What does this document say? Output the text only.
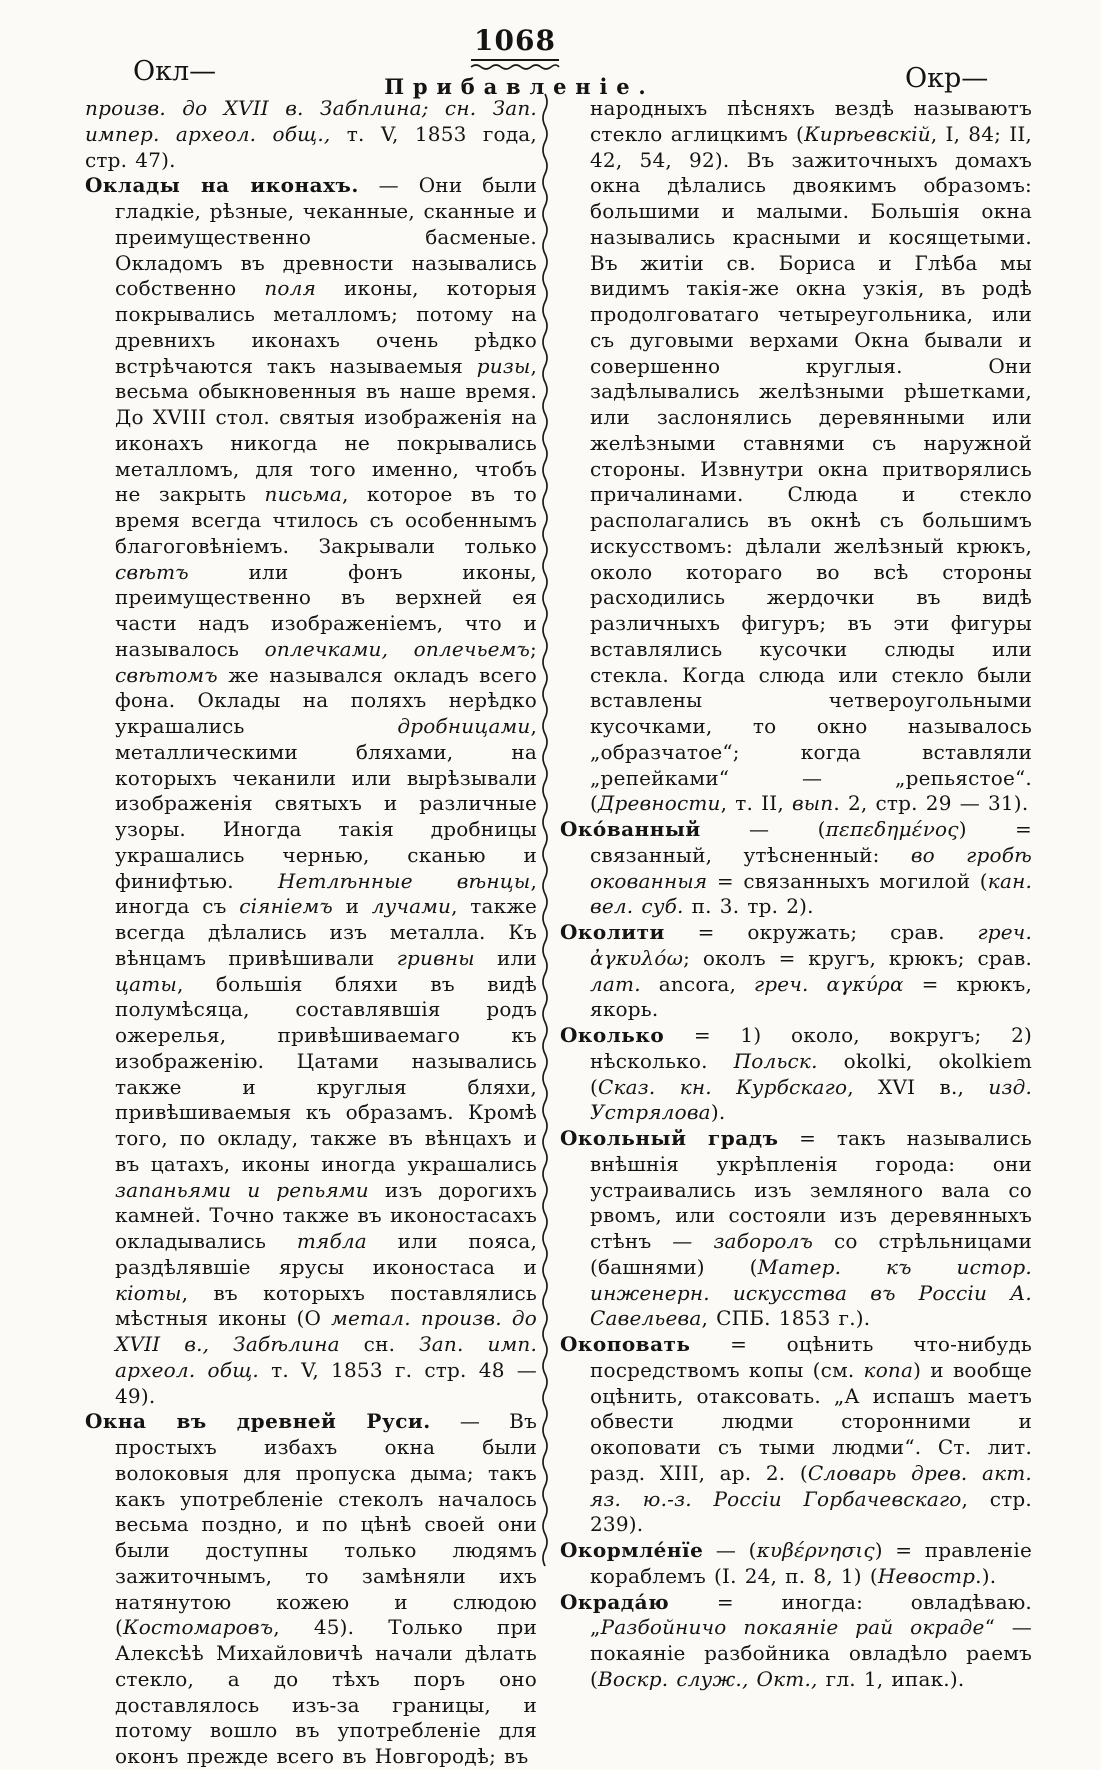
1068
Прибавленіе.
Окл—	Окр—

произв. до XVII в. Забплина; сн. Зап. импер. археол. общ., т. V, 1853 года, стр. 47).

Оклады на иконахъ. — Они были гладкіе, рѣзные, чеканные, сканные и преимущественно басменые. Окладомъ въ древности назывались собственно поля иконы, которыя покрывались металломъ; потому на древнихъ иконахъ очень рѣдко встрѣчаются такъ называемыя ризы, весьма обыкновенныя въ наше время. До XVIII стол. святыя изображенія на иконахъ никогда не покрывались металломъ, для того именно, чтобъ не закрыть письма, которое въ то время всегда чтилось съ особеннымъ благоговѣніемъ. Закрывали только свѣтъ или фонъ иконы, преимущественно въ верхней ея части надъ изображеніемъ, что и называлось оплечками, оплечьемъ; свѣтомъ же назывался окладъ всего фона. Оклады на поляхъ нерѣдко украшались дробницами, металлическими бляхами, на которыхъ чеканили или вырѣзывали изображенія святыхъ и различные узоры. Иногда такія дробницы украшались чернью, сканью и финифтью. Нетлѣнные вѣнцы, иногда съ сіяніемъ и лучами, также всегда дѣлались изъ металла. Къ вѣнцамъ привѣшивали гривны или цаты, большія бляхи въ видѣ полумѣсяца, составлявшія родъ ожерелья, привѣшиваемаго къ изображенію. Цатами назывались также и круглыя бляхи, привѣшиваемыя къ образамъ. Кромѣ того, по окладу, также въ вѣнцахъ и въ цатахъ, иконы иногда украшались запаньями и репьями изъ дорогихъ камней. Точно также въ иконостасахъ окладывались тябла или пояса, раздѣлявшіе ярусы иконостаса и кіоты, въ которыхъ поставлялись мѣстныя иконы (О метал. произв. до XVII в., Забѣлина сн. Зап. имп. археол. общ. т. V, 1853 г. стр. 48 — 49).

Окна въ древней Руси. — Въ простыхъ избахъ окна были волоковыя для пропуска дыма; такъ какъ употребленіе стеколъ началось весьма поздно, и по цѣнѣ своей они были доступны только людямъ зажиточнымъ, то замѣняли ихъ натянутою кожею и слюдою (Костомаровъ, 45). Только при Алексѣѣ Михайловичѣ начали дѣлать стекло, а до тѣхъ поръ оно доставлялось изъ-за границы, и потому вошло въ употребленіе для оконъ прежде всего въ Новгородѣ; въ

народныхъ пѣсняхъ вездѣ называютъ стекло аглицкимъ (Кирѣевскій, I, 84; II, 42, 54, 92). Въ зажиточныхъ домахъ окна дѣлались двоякимъ образомъ: большими и малыми. Большія окна назывались красными и косящетыми. Въ житіи св. Бориса и Глѣба мы видимъ такія-же окна узкія, въ родѣ продолговатаго четыреугольника, или съ дуговыми верхами Окна бывали и совершенно круглыя. Они задѣлывались желѣзными рѣшетками, или заслонялись деревянными или желѣзными ставнями съ наружной стороны. Извнутри окна притворялись причалинами. Слюда и стекло располагались въ окнѣ съ большимъ искусствомъ: дѣлали желѣзный крюкъ, около котораго во всѣ стороны расходились жердочки въ видѣ различныхъ фигуръ; въ эти фигуры вставлялись кусочки слюды или стекла. Когда слюда или стекло были вставлены четвероугольными кусочками, то окно называлось „образчатое“; когда вставляли „репейками“ — „репьястое“. (Древности, т. II, вып. 2, стр. 29 — 31).

Око́ванный — (πεπεδημένος) = связанный, утѣсненный: во гробѣ окованныя = связанныхъ могилой (кан. вел. суб. п. 3. тр. 2).

Околити = окружать; срав. греч. ἀγκυλόω; околъ = кругъ, крюкъ; срав. лат. ancora, греч. αγκύρα = крюкъ, якорь.

Околько = 1) около, вокругъ; 2) нѣсколько. Польск. okolki, okolkiem (Сказ. кн. Курбскаго, XVI в., изд. Устрялова).

Окольный градъ = такъ назывались внѣшнія укрѣпленія города: они устраивались изъ земляного вала со рвомъ, или состояли изъ деревянныхъ стѣнъ — заборолъ со стрѣльницами (башнями) (Матер. къ истор. инженерн. искусства въ Россіи А. Савельева, СПБ. 1853 г.).

Окоповать = оцѣнить что-нибудь посредствомъ копы (см. копа) и вообще оцѣнить, отаксовать. „А испашъ маетъ обвести людми сторонними и окоповати съ тыми людми“. Ст. лит. разд. XIII, ар. 2. (Словарь древ. акт. яз. ю.-з. Россіи Горбачевскаго, стр. 239).

Окормле́нїе — (κυβέρνησις) = правленіе кораблемъ (I. 24, п. 8, 1) (Невостр.).

Окрада́ю = иногда: овладѣваю. „Разбойничо покаяніе рай окраде“ — покаяніе разбойника овладѣло раемъ (Воскр. служ., Окт., гл. 1, ипак.).
